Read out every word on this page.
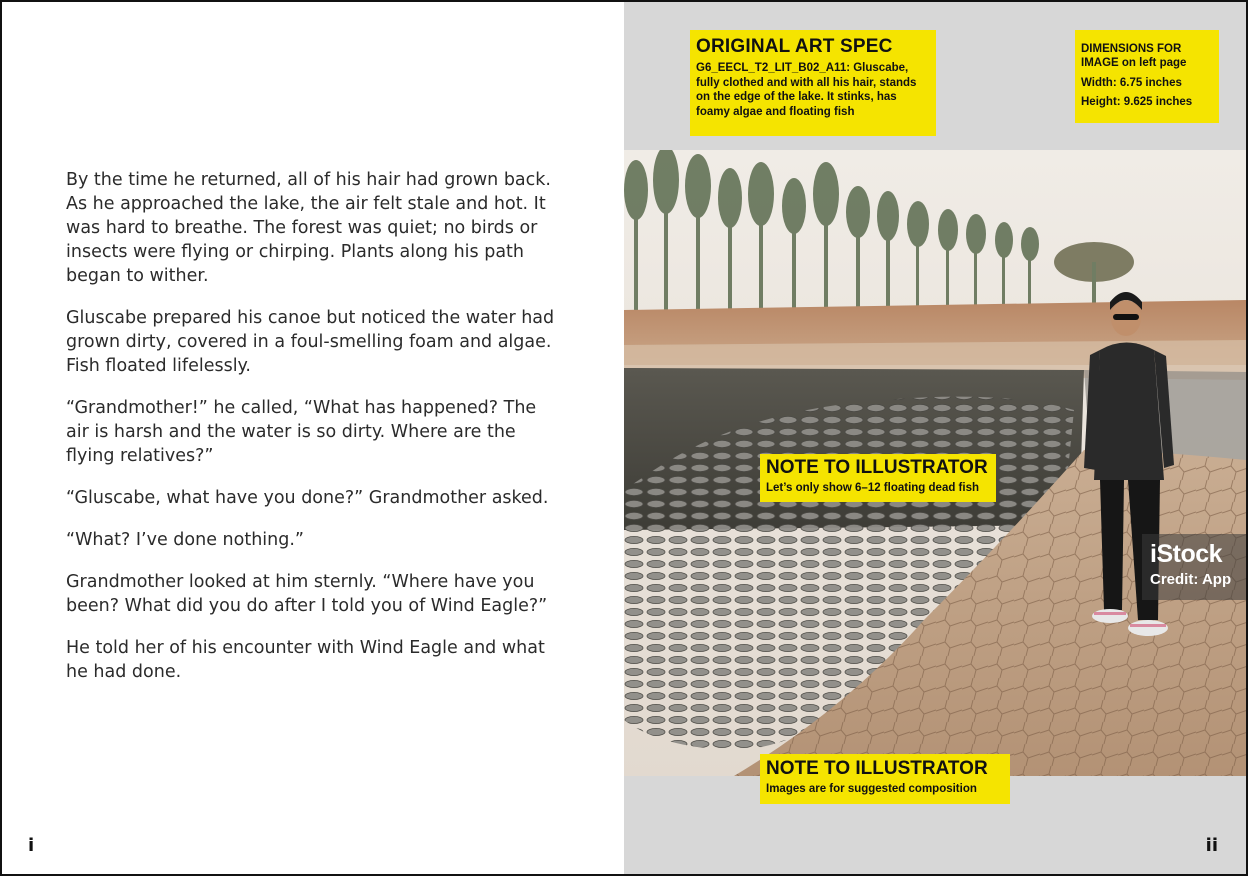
By the time he returned, all of his hair had grown back. As he approached the lake, the air felt stale and hot. It was hard to breathe. The forest was quiet; no birds or insects were flying or chirping. Plants along his path began to wither.

Gluscabe prepared his canoe but noticed the water had grown dirty, covered in a foul-smelling foam and algae. Fish floated lifelessly.

“Grandmother!” he called, “What has happened? The air is harsh and the water is so dirty. Where are the flying relatives?”

“Gluscabe, what have you done?” Grandmother asked.

“What? I’ve done nothing.”

Grandmother looked at him sternly. “Where have you been? What did you do after I told you of Wind Eagle?”

He told her of his encounter with Wind Eagle and what he had done.

i
ORIGINAL ART SPEC
G6_EECL_T2_LIT_B02_A11: Gluscabe, fully clothed and with all his hair, stands on the edge of the lake. It stinks, has foamy algae and floating fish
DIMENSIONS FOR IMAGE on left page
Width: 6.75 inches
Height: 9.625 inches
NOTE TO ILLUSTRATOR
Let’s only show 6–12 floating dead fish
iStock
Credit: App
NOTE TO ILLUSTRATOR
Images are for suggested composition
ii
